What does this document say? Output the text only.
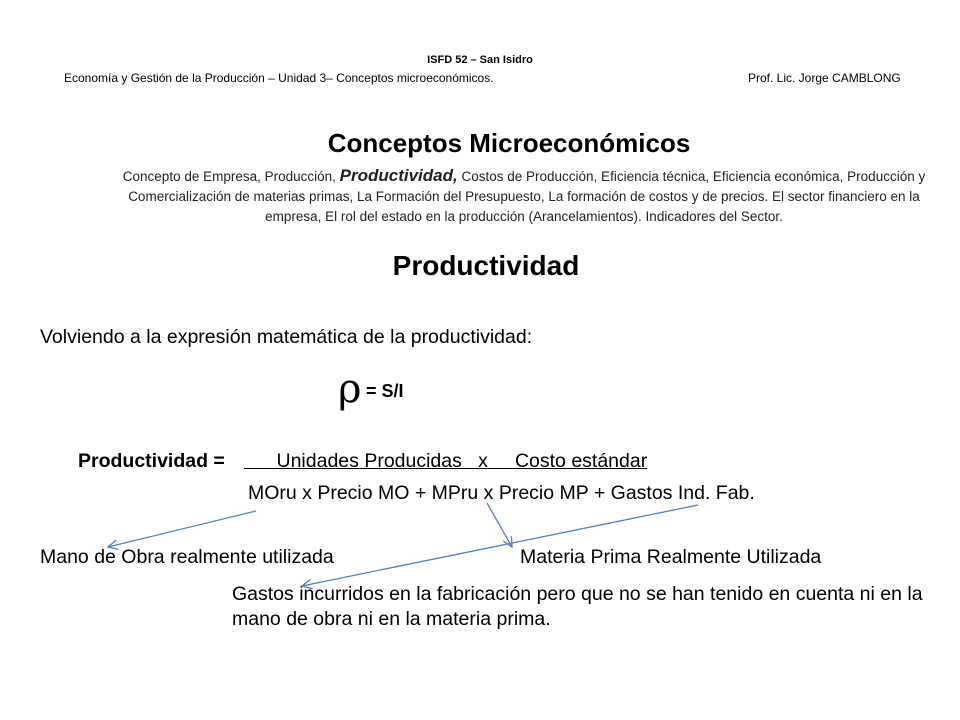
ISFD 52 – San Isidro
Economía y Gestión de la Producción – Unidad 3– Conceptos microeconómicos.	Prof. Lic. Jorge CAMBLONG
Conceptos Microeconómicos
Concepto de Empresa, Producción, Productividad, Costos de Producción, Eficiencia técnica, Eficiencia económica, Producción y Comercialización de materias primas, La Formación del Presupuesto, La formación de costos y de precios. El sector financiero en la empresa, El rol del estado en la producción (Arancelamientos). Indicadores del Sector.
Productividad
Volviendo a la expresión matemática de la productividad:
ρ = S/I
Productividad = Unidades Producidas   x     Costo estándar
MOru x Precio MO + MPru x Precio MP + Gastos Ind. Fab.
Mano de Obra realmente utilizada	Materia Prima Realmente Utilizada
Gastos incurridos en la fabricación pero que no se han tenido en cuenta ni en la mano de obra ni en la materia prima.
